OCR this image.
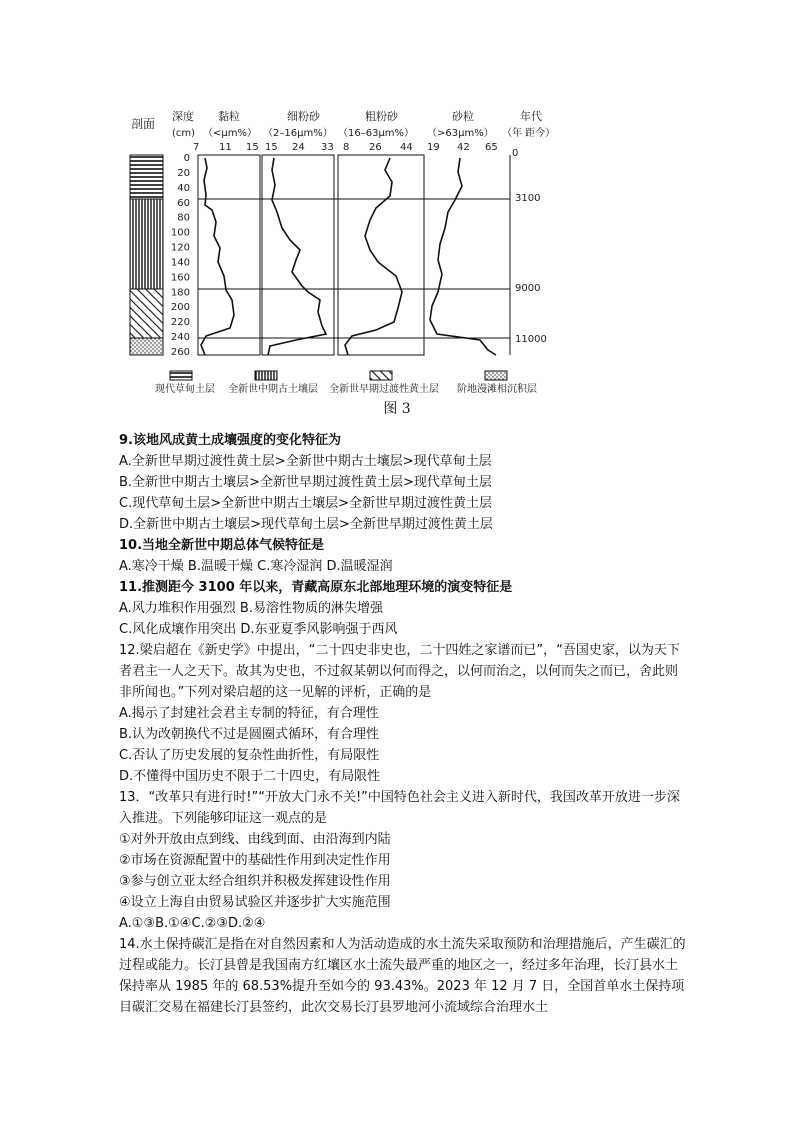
剖面
深度
(cm)
黏粒
（<μm%）
细粉砂
（2–16μm%）
粗粉砂
（16–63μm%）
砂粒
（>63μm%）
年代
（年 距今）
7 11 15 15 24 33 8 26 44 19 42 65
0
0
20
40
60
80
100
120
140
160
180
200
220
240
260
3100
9000
11000
现代草甸土层 全新世中期古土壤层 全新世早期过渡性黄土层 阶地漫滩相沉积层
图 3
9.该地风成黄土成壤强度的变化特征为
A.全新世早期过渡性黄土层>全新世中期古土壤层>现代草甸土层
B.全新世中期古土壤层>全新世早期过渡性黄土层>现代草甸土层
C.现代草甸土层>全新世中期古土壤层>全新世早期过渡性黄土层
D.全新世中期古土壤层>现代草甸土层>全新世早期过渡性黄土层
10.当地全新世中期总体气候特征是
A.寒冷干燥 B.温暖干燥 C.寒冷湿润 D.温暖湿润
11.推测距今 3100 年以来，青藏高原东北部地理环境的演变特征是
A.风力堆积作用强烈 B.易溶性物质的淋失增强
C.风化成壤作用突出 D.东亚夏季风影响强于西风
12.梁启超在《新史学》中提出，“二十四史非史也，二十四姓之家谱而已”，“吾国史家，以为天下者君主一人之天下。故其为史也，不过叙某朝以何而得之，以何而治之，以何而失之而已，舍此则非所闻也。”下列对梁启超的这一见解的评析，正确的是
A.揭示了封建社会君主专制的特征，有合理性
B.认为改朝换代不过是圆圈式循环，有合理性
C.否认了历史发展的复杂性曲折性，有局限性
D.不懂得中国历史不限于二十四史，有局限性
13．“改革只有进行时!”“开放大门永不关!”中国特色社会主义进入新时代，我国改革开放进一步深入推进。下列能够印证这一观点的是
①对外开放由点到线、由线到面、由沿海到内陆
②市场在资源配置中的基础性作用到决定性作用
③参与创立亚太经合组织并积极发挥建设性作用
④设立上海自由贸易试验区并逐步扩大实施范围
A.①③B.①④C.②③D.②④
14.水土保持碳汇是指在对自然因素和人为活动造成的水土流失采取预防和治理措施后，产生碳汇的过程或能力。长汀县曾是我国南方红壤区水土流失最严重的地区之一，经过多年治理，长汀县水土保持率从 1985 年的 68.53%提升至如今的 93.43%。2023 年 12 月 7 日，全国首单水土保持项目碳汇交易在福建长汀县签约，此次交易长汀县罗地河小流域综合治理水土
